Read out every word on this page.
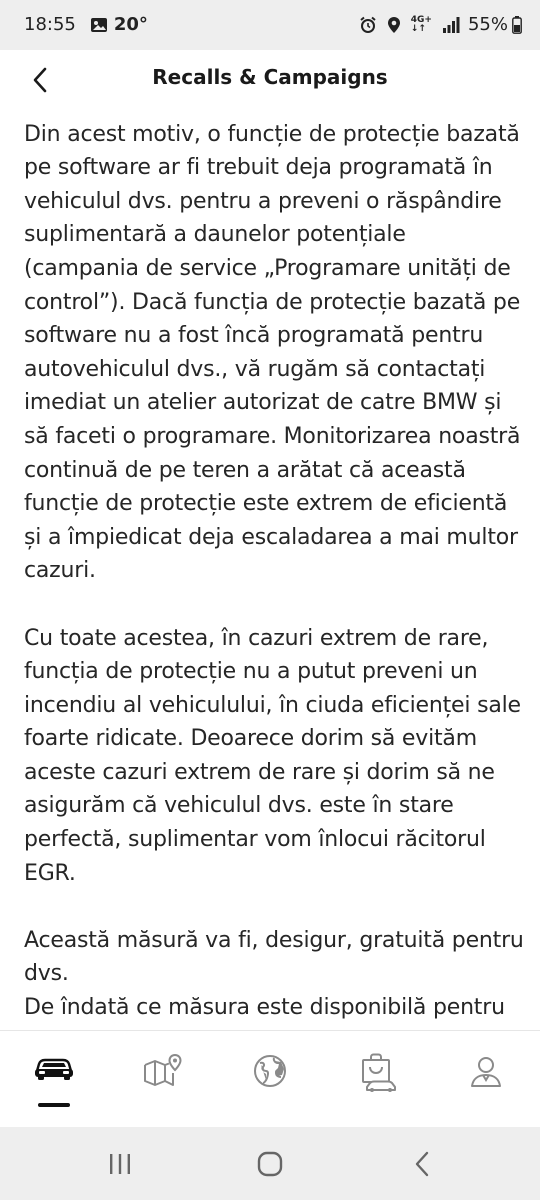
18:55 20°	4G+
↓↑	55%
Recalls & Campaigns

Din acest motiv, o funcție de protecție bazată pe software ar fi trebuit deja programată în vehiculul dvs. pentru a preveni o răspândire suplimentară a daunelor potențiale (campania de service „Programare unități de control”). Dacă funcția de protecție bazată pe software nu a fost încă programată pentru autovehiculul dvs., vă rugăm să contactați imediat un atelier autorizat de catre BMW și să faceti o programare. Monitorizarea noastră continuă de pe teren a arătat că această funcție de protecție este extrem de eficientă și a împiedicat deja escaladarea a mai multor cazuri.

Cu toate acestea, în cazuri extrem de rare, funcția de protecție nu a putut preveni un incendiu al vehiculului, în ciuda eficienței sale foarte ridicate. Deoarece dorim să evităm aceste cazuri extrem de rare și dorim să ne asigurăm că vehiculul dvs. este în stare perfectă, suplimentar vom înlocui răcitorul EGR.

Această măsură va fi, desigur, gratuită pentru dvs.

De îndată ce măsura este disponibilă pentru
